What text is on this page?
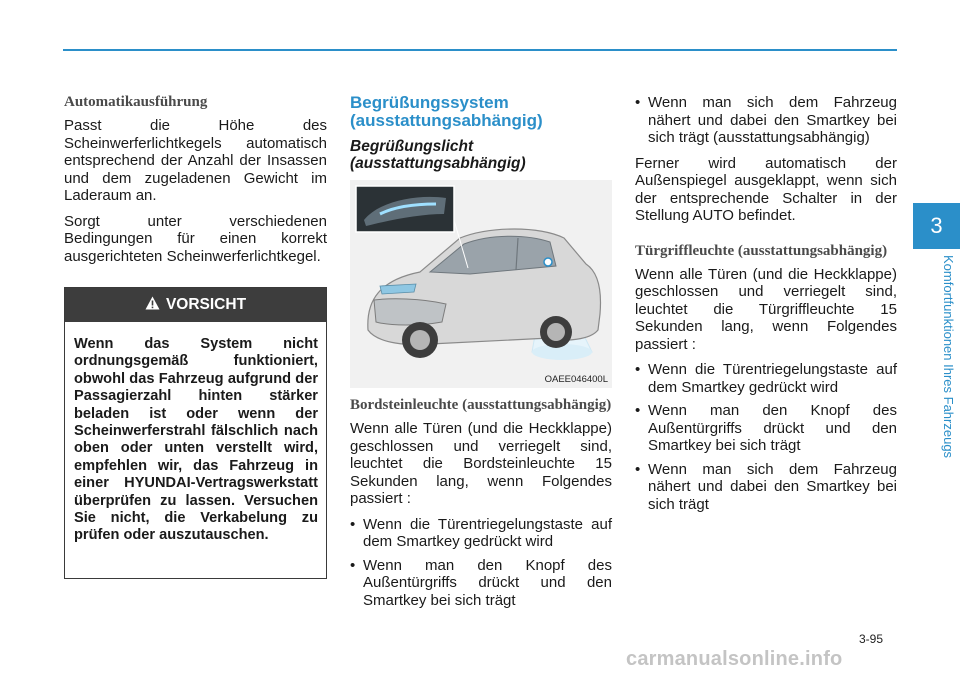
Automatikausführung

Passt die Höhe des Scheinwerferlichtkegels automatisch entsprechend der Anzahl der Insassen und dem zugeladenen Gewicht im Laderaum an.

Sorgt unter verschiedenen Bedingungen für einen korrekt ausgerichteten Scheinwerferlichtkegel.

VORSICHT
Wenn das System nicht ordnungsgemäß funktioniert, obwohl das Fahrzeug aufgrund der Passagierzahl hinten stärker beladen ist oder wenn der Scheinwerferstrahl fälschlich nach oben oder unten verstellt wird, empfehlen wir, das Fahrzeug in einer HYUNDAI-Vertragswerkstatt überprüfen zu lassen. Versuchen Sie nicht, die Verkabelung zu prüfen oder auszutauschen.
Begrüßungssystem (ausstattungsabhängig)
Begrüßungslicht (ausstattungsabhängig)
OAEE046400L
Bordsteinleuchte (ausstattungsabhängig)

Wenn alle Türen (und die Heckklappe) geschlossen und verriegelt sind, leuchtet die Bordsteinleuchte 15 Sekunden lang, wenn Folgendes passiert :

• Wenn die Türentriegelungstaste auf dem Smartkey gedrückt wird
• Wenn man den Knopf des Außentürgriffs drückt und den Smartkey bei sich trägt
• Wenn man sich dem Fahrzeug nähert und dabei den Smartkey bei sich trägt (ausstattungsabhängig)

Ferner wird automatisch der Außenspiegel ausgeklappt, wenn sich der entsprechende Schalter in der Stellung AUTO befindet.

Türgriffleuchte (ausstattungsabhängig)

Wenn alle Türen (und die Heckklappe) geschlossen und verriegelt sind, leuchtet die Türgriffleuchte 15 Sekunden lang, wenn Folgendes passiert :

• Wenn die Türentriegelungstaste auf dem Smartkey gedrückt wird
• Wenn man den Knopf des Außentürgriffs drückt und den Smartkey bei sich trägt
• Wenn man sich dem Fahrzeug nähert und dabei den Smartkey bei sich trägt
3
Komfortfunktionen Ihres Fahrzeugs
3-95
carmanualsonline.info
